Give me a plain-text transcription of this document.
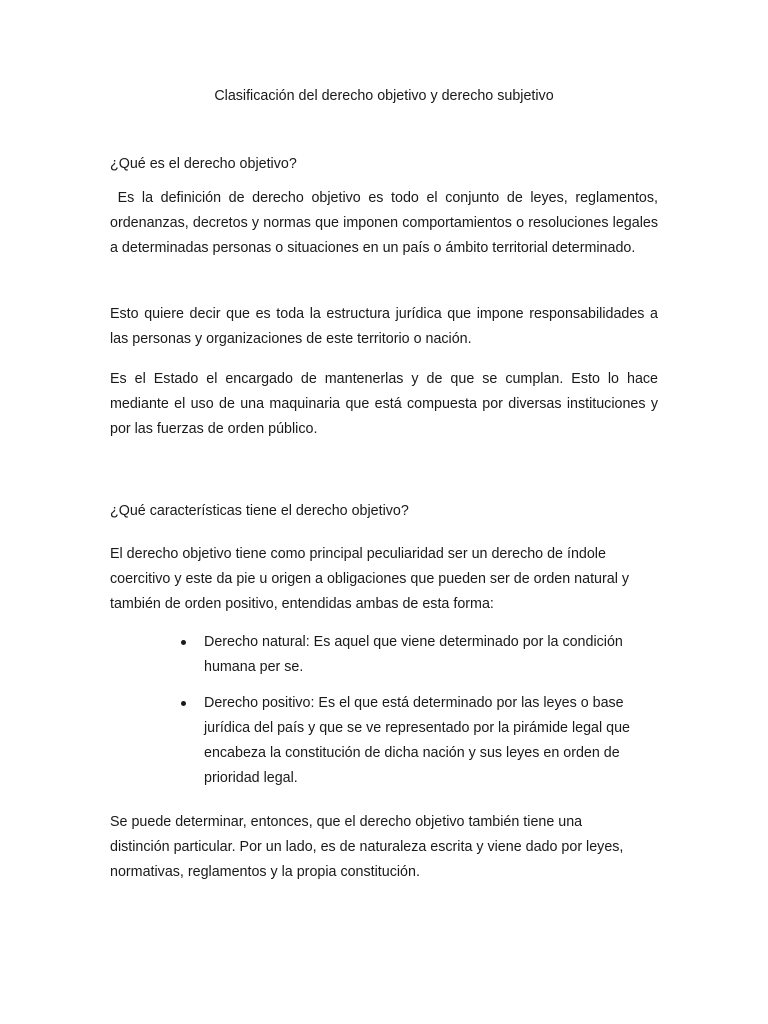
Clasificación del derecho objetivo y derecho subjetivo
¿Qué es el derecho objetivo?

Es la definición de derecho objetivo es todo el conjunto de leyes, reglamentos, ordenanzas, decretos y normas que imponen comportamientos o resoluciones legales a determinadas personas o situaciones en un país o ámbito territorial determinado.

Esto quiere decir que es toda la estructura jurídica que impone responsabilidades a las personas y organizaciones de este territorio o nación.

Es el Estado el encargado de mantenerlas y de que se cumplan. Esto lo hace mediante el uso de una maquinaria que está compuesta por diversas instituciones y por las fuerzas de orden público.

¿Qué características tiene el derecho objetivo?

El derecho objetivo tiene como principal peculiaridad ser un derecho de índole coercitivo y este da pie u origen a obligaciones que pueden ser de orden natural y también de orden positivo, entendidas ambas de esta forma:

Derecho natural: Es aquel que viene determinado por la condición humana per se.
Derecho positivo: Es el que está determinado por las leyes o base jurídica del país y que se ve representado por la pirámide legal que encabeza la constitución de dicha nación y sus leyes en orden de prioridad legal.

Se puede determinar, entonces, que el derecho objetivo también tiene una distinción particular. Por un lado, es de naturaleza escrita y viene dado por leyes, normativas, reglamentos y la propia constitución.
